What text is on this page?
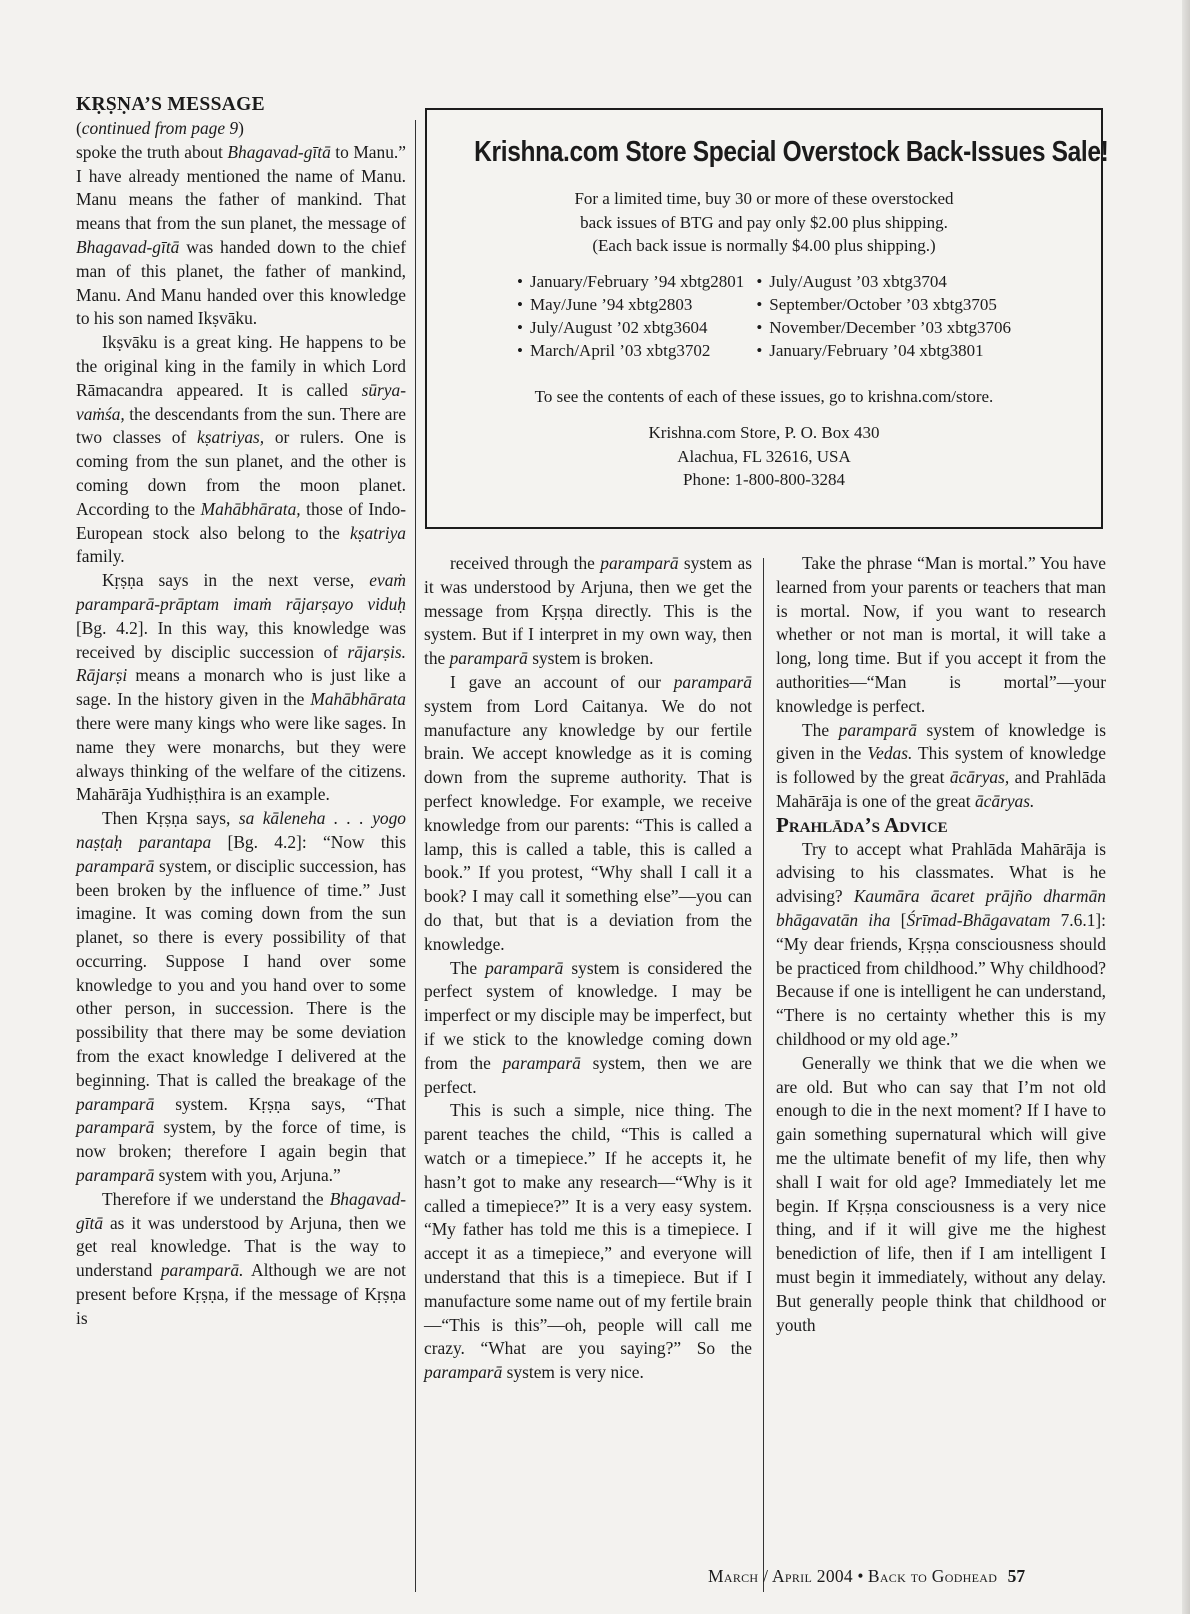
KṚṢṆA’S MESSAGE
(continued from page 9)

spoke the truth about Bhagavad-gītā to Manu.” I have already mentioned the name of Manu. Manu means the father of mankind. That means that from the sun planet, the message of Bhagavad-gītā was handed down to the chief man of this planet, the father of mankind, Manu. And Manu handed over this knowledge to his son named Ikṣvāku.

Ikṣvāku is a great king. He happens to be the original king in the family in which Lord Rāmacandra appeared. It is called sūrya-vaṁśa, the descendants from the sun. There are two classes of kṣatriyas, or rulers. One is coming from the sun planet, and the other is coming down from the moon planet. According to the Mahābhārata, those of Indo-European stock also belong to the kṣatriya family.

Kṛṣṇa says in the next verse, evaṁ paramparā-prāptam imaṁ rājarṣayo viduḥ [Bg. 4.2]. In this way, this knowledge was received by disciplic succession of rājarṣis. Rājarṣi means a monarch who is just like a sage. In the history given in the Mahābhārata there were many kings who were like sages. In name they were monarchs, but they were always thinking of the welfare of the citizens. Mahārāja Yudhiṣṭhira is an example.

Then Kṛṣṇa says, sa kāleneha . . . yogo naṣṭaḥ parantapa [Bg. 4.2]: “Now this paramparā system, or disciplic succession, has been broken by the influence of time.” Just imagine. It was coming down from the sun planet, so there is every possibility of that occurring. Suppose I hand over some knowledge to you and you hand over to some other person, in succession. There is the possibility that there may be some deviation from the exact knowledge I delivered at the beginning. That is called the breakage of the paramparā system. Kṛṣṇa says, “That paramparā system, by the force of time, is now broken; therefore I again begin that paramparā system with you, Arjuna.”

Therefore if we understand the Bhagavad-gītā as it was understood by Arjuna, then we get real knowledge. That is the way to understand paramparā. Although we are not present before Kṛṣṇa, if the message of Kṛṣṇa is

Krishna.com Store Special Overstock Back-Issues Sale!
For a limited time, buy 30 or more of these overstocked
back issues of BTG and pay only $2.00 plus shipping.
(Each back issue is normally $4.00 plus shipping.)
• January/February ’94 xbtg2801
• May/June ’94 xbtg2803
• July/August ’02 xbtg3604
• March/April ’03 xbtg3702
• July/August ’03 xbtg3704
• September/October ’03 xbtg3705
• November/December ’03 xbtg3706
• January/February ’04 xbtg3801
To see the contents of each of these issues, go to krishna.com/store.
Krishna.com Store, P. O. Box 430
Alachua, FL 32616, USA
Phone: 1-800-800-3284

received through the paramparā system as it was understood by Arjuna, then we get the message from Kṛṣṇa directly. This is the system. But if I interpret in my own way, then the paramparā system is broken.

I gave an account of our paramparā system from Lord Caitanya. We do not manufacture any knowledge by our fertile brain. We accept knowledge as it is coming down from the supreme authority. That is perfect knowledge. For example, we receive knowledge from our parents: “This is called a lamp, this is called a table, this is called a book.” If you protest, “Why shall I call it a book? I may call it something else”—you can do that, but that is a deviation from the knowledge.

The paramparā system is considered the perfect system of knowledge. I may be imperfect or my disciple may be imperfect, but if we stick to the knowledge coming down from the paramparā system, then we are perfect.

This is such a simple, nice thing. The parent teaches the child, “This is called a watch or a timepiece.” If he accepts it, he hasn’t got to make any research—“Why is it called a timepiece?” It is a very easy system. “My father has told me this is a timepiece. I accept it as a timepiece,” and everyone will understand that this is a timepiece. But if I manufacture some name out of my fertile brain—“This is this”—oh, people will call me crazy. “What are you saying?” So the paramparā system is very nice.

Take the phrase “Man is mortal.” You have learned from your parents or teachers that man is mortal. Now, if you want to research whether or not man is mortal, it will take a long, long time. But if you accept it from the authorities—“Man is mortal”—your knowledge is perfect.

The paramparā system of knowledge is given in the Vedas. This system of knowledge is followed by the great ācāryas, and Prahlāda Mahārāja is one of the great ācāryas.

Prahlāda’s Advice

Try to accept what Prahlāda Mahārāja is advising to his classmates. What is he advising? Kaumāra ācaret prājño dharmān bhāgavatān iha [Śrīmad-Bhāgavatam 7.6.1]: “My dear friends, Kṛṣṇa consciousness should be practiced from childhood.” Why childhood? Because if one is intelligent he can understand, “There is no certainty whether this is my childhood or my old age.”

Generally we think that we die when we are old. But who can say that I’m not old enough to die in the next moment? If I have to gain something supernatural which will give me the ultimate benefit of my life, then why shall I wait for old age? Immediately let me begin. If Kṛṣṇa consciousness is a very nice thing, and if it will give me the highest benediction of life, then if I am intelligent I must begin it immediately, without any delay. But generally people think that childhood or youth

March / April 2004 • Back to Godhead 57
